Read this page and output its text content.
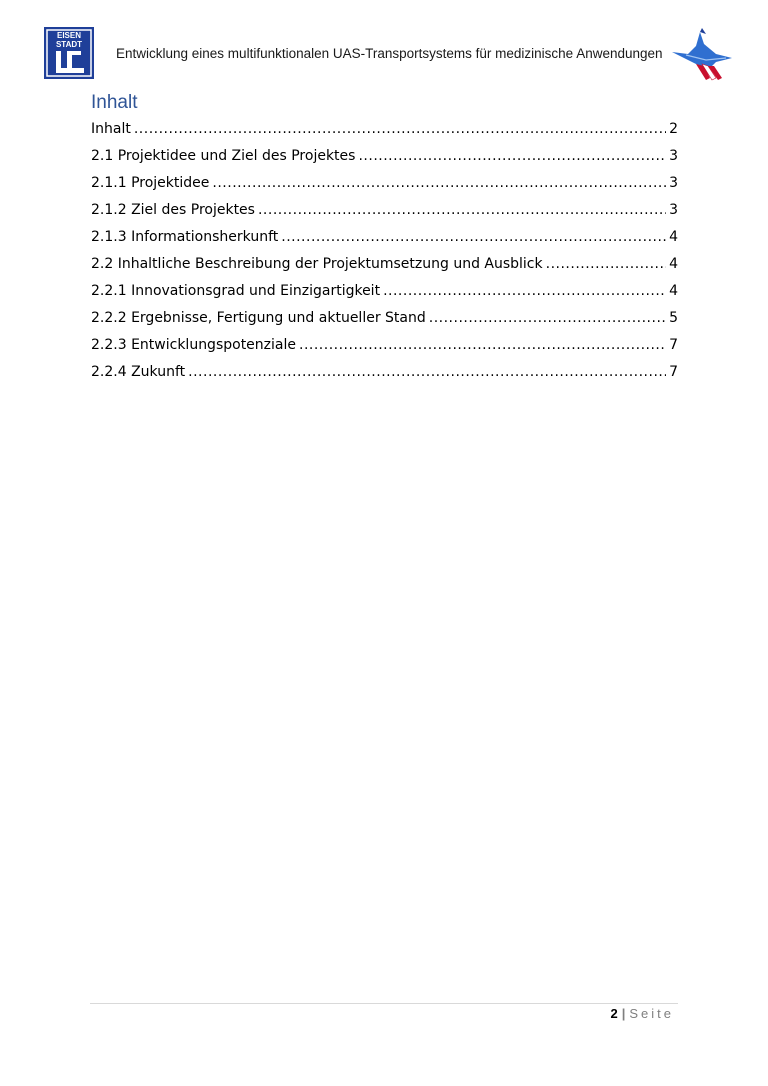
EISEN
STADT
Entwicklung eines multifunktionalen UAS-Transportsystems für medizinische Anwendungen
Inhalt
Inhalt .....	2
2.1 Projektidee und Ziel des Projektes .....	3
2.1.1 Projektidee .....	3
2.1.2 Ziel des Projektes .....	3
2.1.3 Informationsherkunft .....	4
2.2 Inhaltliche Beschreibung der Projektumsetzung und Ausblick .....	4
2.2.1 Innovationsgrad und Einzigartigkeit .....	4
2.2.2 Ergebnisse, Fertigung und aktueller Stand .....	5
2.2.3 Entwicklungspotenziale .....	7
2.2.4 Zukunft .....	7
2 | Seite
